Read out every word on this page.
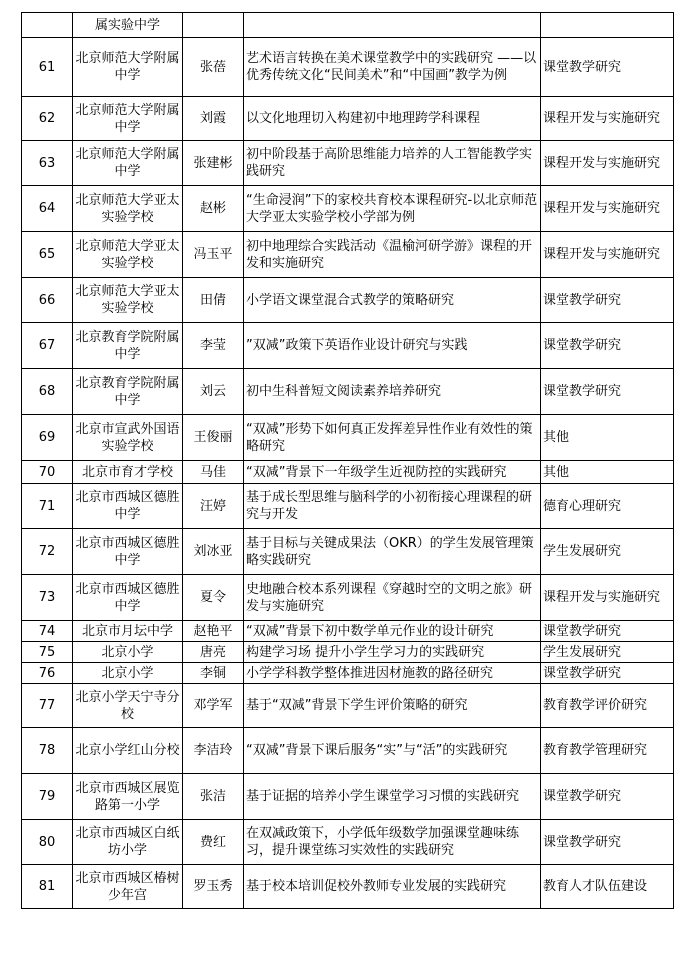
	属实验中学			
61	北京师范大学附属中学	张蓓	艺术语言转换在美术课堂教学中的实践研究 ——以优秀传统文化“民间美术”和“中国画”教学为例	课堂教学研究
62	北京师范大学附属中学	刘霞	以文化地理切入构建初中地理跨学科课程	课程开发与实施研究
63	北京师范大学附属中学	张建彬	初中阶段基于高阶思维能力培养的人工智能教学实践研究	课程开发与实施研究
64	北京师范大学亚太实验学校	赵彬	“生命浸润”下的家校共育校本课程研究-以北京师范大学亚太实验学校小学部为例	课程开发与实施研究
65	北京师范大学亚太实验学校	冯玉平	初中地理综合实践活动《温榆河研学游》课程的开发和实施研究	课程开发与实施研究
66	北京师范大学亚太实验学校	田倩	小学语文课堂混合式教学的策略研究	课堂教学研究
67	北京教育学院附属中学	李莹	”双减”政策下英语作业设计研究与实践	课堂教学研究
68	北京教育学院附属中学	刘云	初中生科普短文阅读素养培养研究	课堂教学研究
69	北京市宣武外国语实验学校	王俊丽	“双减”形势下如何真正发挥差异性作业有效性的策略研究	其他
70	北京市育才学校	马佳	“双减”背景下一年级学生近视防控的实践研究	其他
71	北京市西城区德胜中学	汪婷	基于成长型思维与脑科学的小初衔接心理课程的研究与开发	德育心理研究
72	北京市西城区德胜中学	刘冰亚	基于目标与关键成果法（OKR）的学生发展管理策略实践研究	学生发展研究
73	北京市西城区德胜中学	夏令	史地融合校本系列课程《穿越时空的文明之旅》研发与实施研究	课程开发与实施研究
74	北京市月坛中学	赵艳平	“双减”背景下初中数学单元作业的设计研究	课堂教学研究
75	北京小学	唐亮	构建学习场 提升小学生学习力的实践研究	学生发展研究
76	北京小学	李铜	小学学科教学整体推进因材施教的路径研究	课堂教学研究
77	北京小学天宁寺分校	邓学军	基于“双减”背景下学生评价策略的研究	教育教学评价研究
78	北京小学红山分校	李洁玲	“双减”背景下课后服务“实”与“活”的实践研究	教育教学管理研究
79	北京市西城区展览路第一小学	张洁	基于证据的培养小学生课堂学习习惯的实践研究	课堂教学研究
80	北京市西城区白纸坊小学	费红	在双减政策下，小学低年级数学加强课堂趣味练习，提升课堂练习实效性的实践研究	课堂教学研究
81	北京市西城区椿树少年宫	罗玉秀	基于校本培训促校外教师专业发展的实践研究	教育人才队伍建设
